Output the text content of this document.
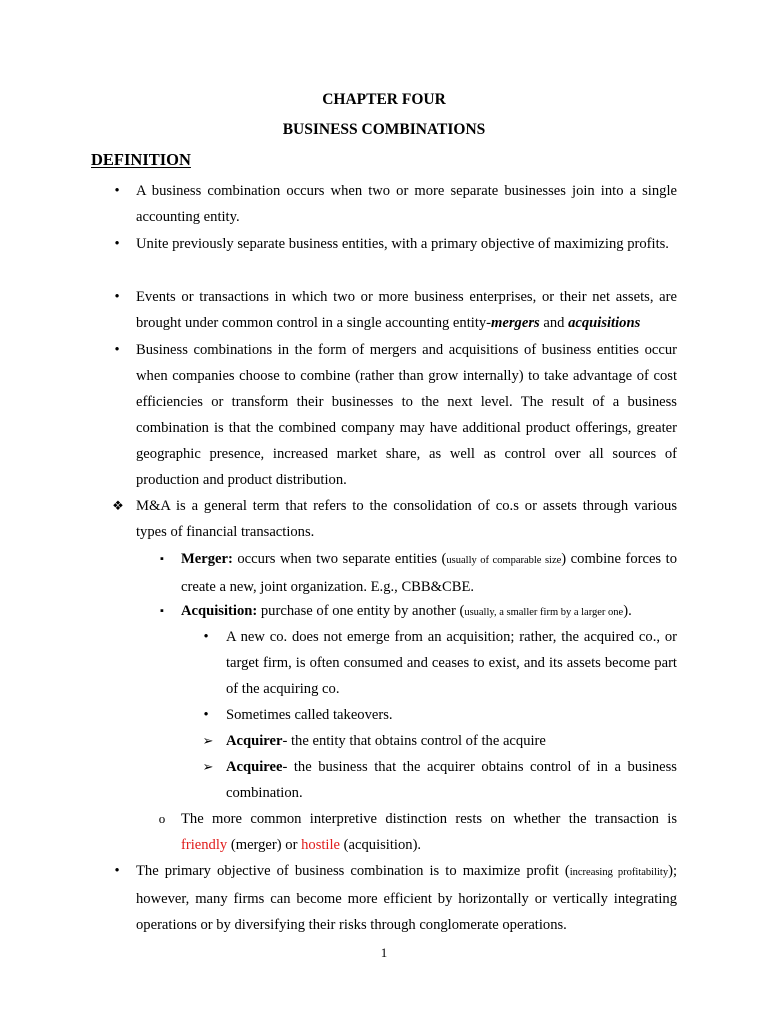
CHAPTER FOUR
BUSINESS COMBINATIONS
DEFINITION
•	A business combination occurs when two or more separate businesses join into a single accounting entity.

•	Unite previously separate business entities, with a primary objective of maximizing profits.

•	Events or transactions in which two or more business enterprises, or their net assets, are brought under common control in a single accounting entity-mergers and acquisitions

•	Business combinations in the form of mergers and acquisitions of business entities occur when companies choose to combine (rather than grow internally) to take advantage of cost efficiencies or transform their businesses to the next level. The result of a business combination is that the combined company may have additional product offerings, greater geographic presence, increased market share, as well as control over all sources of production and product distribution.

❖ M&A is a general term that refers to the consolidation of co.s or assets through various types of financial transactions.

▪ Merger: occurs when two separate entities (usually of comparable size) combine forces to create a new, joint organization. E.g., CBB&CBE.

▪ Acquisition: purchase of one entity by another (usually, a smaller firm by a larger one).

•	A new co. does not emerge from an acquisition; rather, the acquired co., or target firm, is often consumed and ceases to exist, and its assets become part of the acquiring co.

•	Sometimes called takeovers.

➢ Acquirer- the entity that obtains control of the acquire

➢ Acquiree- the business that the acquirer obtains control of in a business combination.

o The more common interpretive distinction rests on whether the transaction is friendly (merger) or hostile (acquisition).

•	The primary objective of business combination is to maximize profit (increasing profitability); however, many firms can become more efficient by horizontally or vertically integrating operations or by diversifying their risks through conglomerate operations.

1
